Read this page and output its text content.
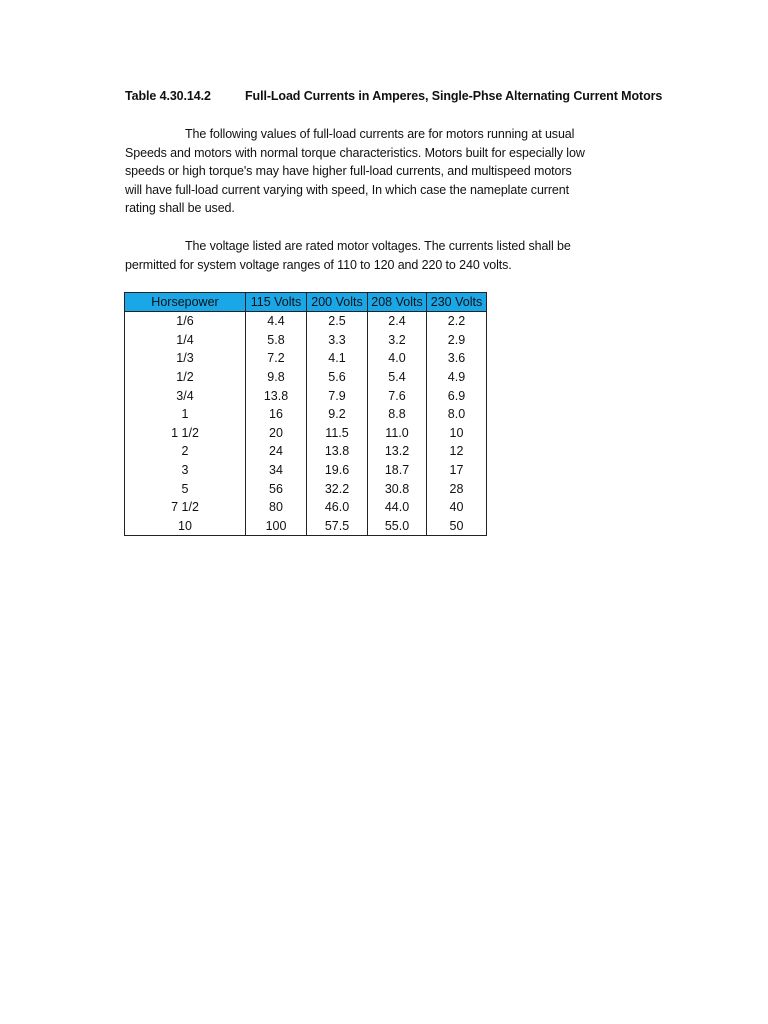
Table 4.30.14.2	Full-Load Currents in Amperes, Single-Phse Alternating Current Motors

The following values of full-load currents are for motors running at usual
Speeds and motors with normal torque characteristics. Motors built for especially low
speeds or high torque's may have higher full-load currents, and multispeed motors
will have full-load current varying with speed, In which case the nameplate current
rating shall be used.

The voltage listed are rated motor voltages. The currents listed shall be
permitted for system voltage ranges of 110 to 120 and 220 to 240 volts.

Horsepower	115 Volts	200 Volts	208 Volts	230 Volts
1/6	4.4	2.5	2.4	2.2
1/4	5.8	3.3	3.2	2.9
1/3	7.2	4.1	4.0	3.6
1/2	9.8	5.6	5.4	4.9
3/4	13.8	7.9	7.6	6.9
1	16	9.2	8.8	8.0
1 1/2	20	11.5	11.0	10
2	24	13.8	13.2	12
3	34	19.6	18.7	17
5	56	32.2	30.8	28
7 1/2	80	46.0	44.0	40
10	100	57.5	55.0	50
